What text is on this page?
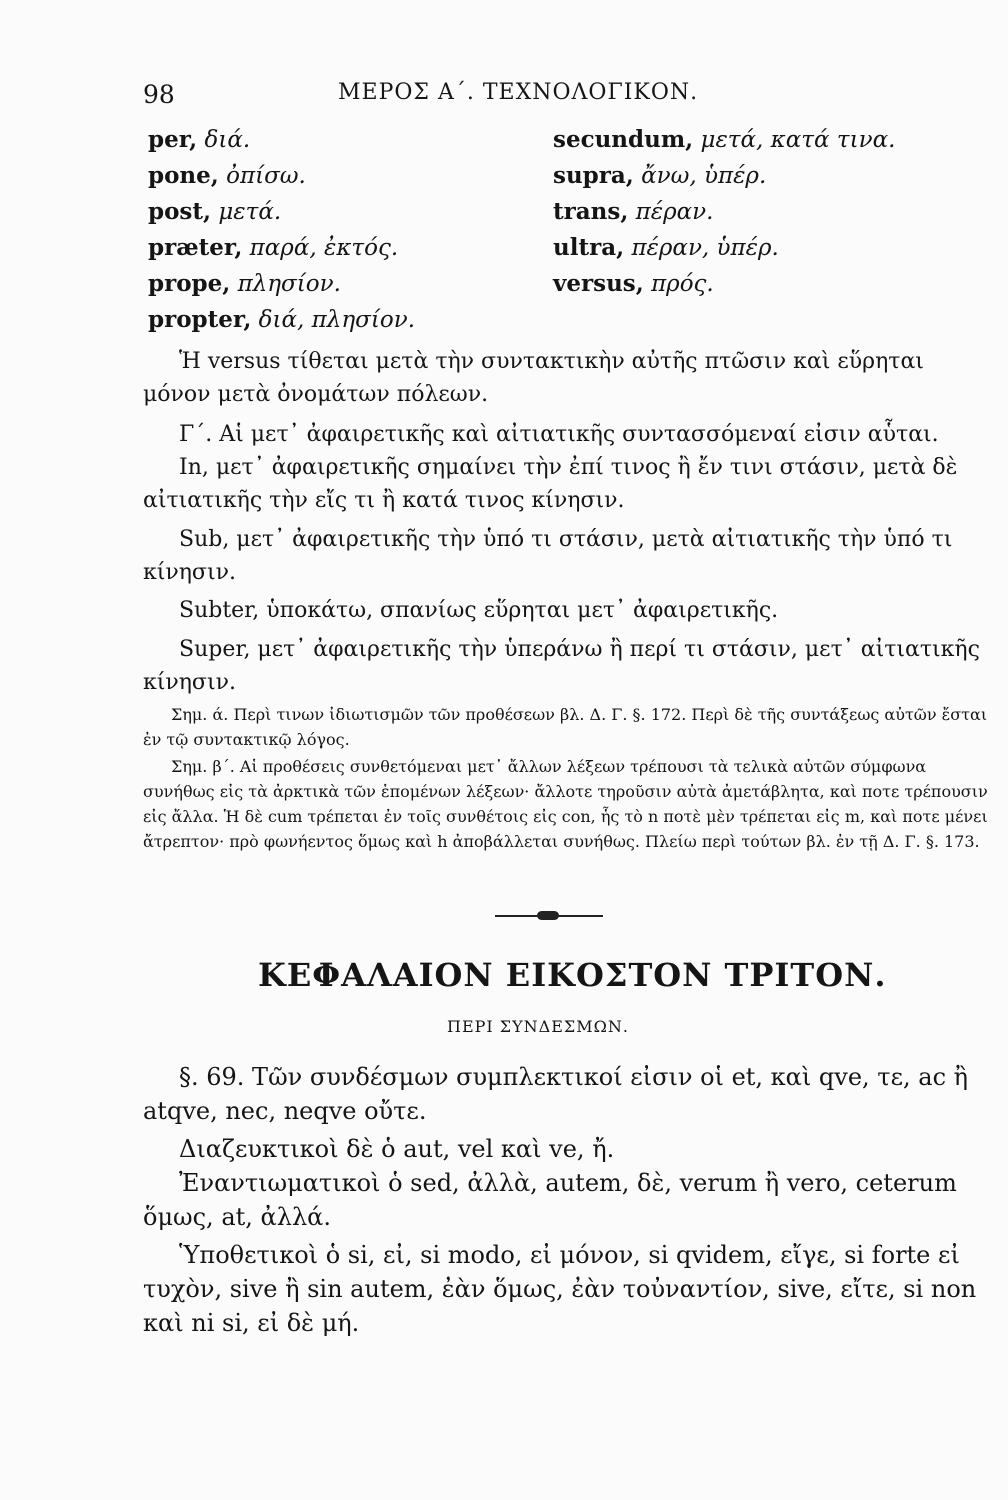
98	ΜΕΡΟΣ Α΄. ΤΕΧΝΟΛΟΓΙΚΟΝ.
per, διά.
pone, ὀπίσω.
post, μετά.
præter, παρά, ἐκτός.
prope, πλησίον.
propter, διά, πλησίον.
secundum, μετά, κατά τινα.
supra, ἄνω, ὑπέρ.
trans, πέραν.
ultra, πέραν, ὑπέρ.
versus, πρός.
Ἡ versus τίθεται μετὰ τὴν συντακτικὴν αὐτῆς πτῶσιν καὶ εὕρηται μόνον μετὰ ὀνομάτων πόλεων.
Γ΄. Αἱ μετ᾽ ἀφαιρετικῆς καὶ αἰτιατικῆς συντασσόμεναί εἰσιν αὗται.
In, μετ᾽ ἀφαιρετικῆς σημαίνει τὴν ἐπί τινος ἢ ἔν τινι στάσιν, μετὰ δὲ αἰτιατικῆς τὴν εἴς τι ἢ κατά τινος κίνησιν.
Sub, μετ᾽ ἀφαιρετικῆς τὴν ὑπό τι στάσιν, μετὰ αἰτιατικῆς τὴν ὑπό τι κίνησιν.
Subter, ὑποκάτω, σπανίως εὕρηται μετ᾽ ἀφαιρετικῆς.
Super, μετ᾽ ἀφαιρετικῆς τὴν ὑπεράνω ἢ περί τι στάσιν, μετ᾽ αἰτιατικῆς κίνησιν.
Σημ. ά. Περὶ τινων ἰδιωτισμῶν τῶν προθέσεων βλ. Δ. Γ. §. 172. Περὶ δὲ τῆς συντάξεως αὐτῶν ἔσται ἐν τῷ συντακτικῷ λόγος.
Σημ. β΄. Αἱ προθέσεις συνθετόμεναι μετ᾽ ἄλλων λέξεων τρέπουσι τὰ τελικὰ αὐτῶν σύμφωνα συνήθως εἰς τὰ ἀρκτικὰ τῶν ἑπομένων λέξεων· ἄλλοτε τηροῦσιν αὐτὰ ἀμετάβλητα, καὶ ποτε τρέπουσιν εἰς ἄλλα. Ἡ δὲ cum τρέπεται ἐν τοῖς συνθέτοις εἰς con, ἧς τὸ n ποτὲ μὲν τρέπεται εἰς m, καὶ ποτε μένει ἄτρεπτον· πρὸ φωνήεντος ὅμως καὶ h ἀποβάλλεται συνήθως. Πλείω περὶ τούτων βλ. ἐν τῇ Δ. Γ. §. 173.
ΚΕΦΑΛΑΙΟΝ ΕΙΚΟΣΤΟΝ ΤΡΙΤΟΝ.
ΠΕΡΙ ΣΥΝΔΕΣΜΩΝ.
§. 69. Τῶν συνδέσμων συμπλεκτικοί εἰσιν οἱ et, καὶ qve, τε, ac ἢ atqve, nec, neqve οὔτε.
Διαζευκτικοὶ δὲ ὁ aut, vel καὶ ve, ἤ.
Ἐναντιωματικοὶ ὁ sed, ἀλλὰ, autem, δὲ, verum ἢ vero, ceterum ὅμως, at, ἀλλά.
Ὑποθετικοὶ ὁ si, εἰ, si modo, εἰ μόνον, si qvidem, εἴγε, si forte εἰ τυχὸν, sive ἢ sin autem, ἐὰν ὅμως, ἐὰν τοὐναντίον, sive, εἴτε, si non καὶ ni si, εἰ δὲ μή.
